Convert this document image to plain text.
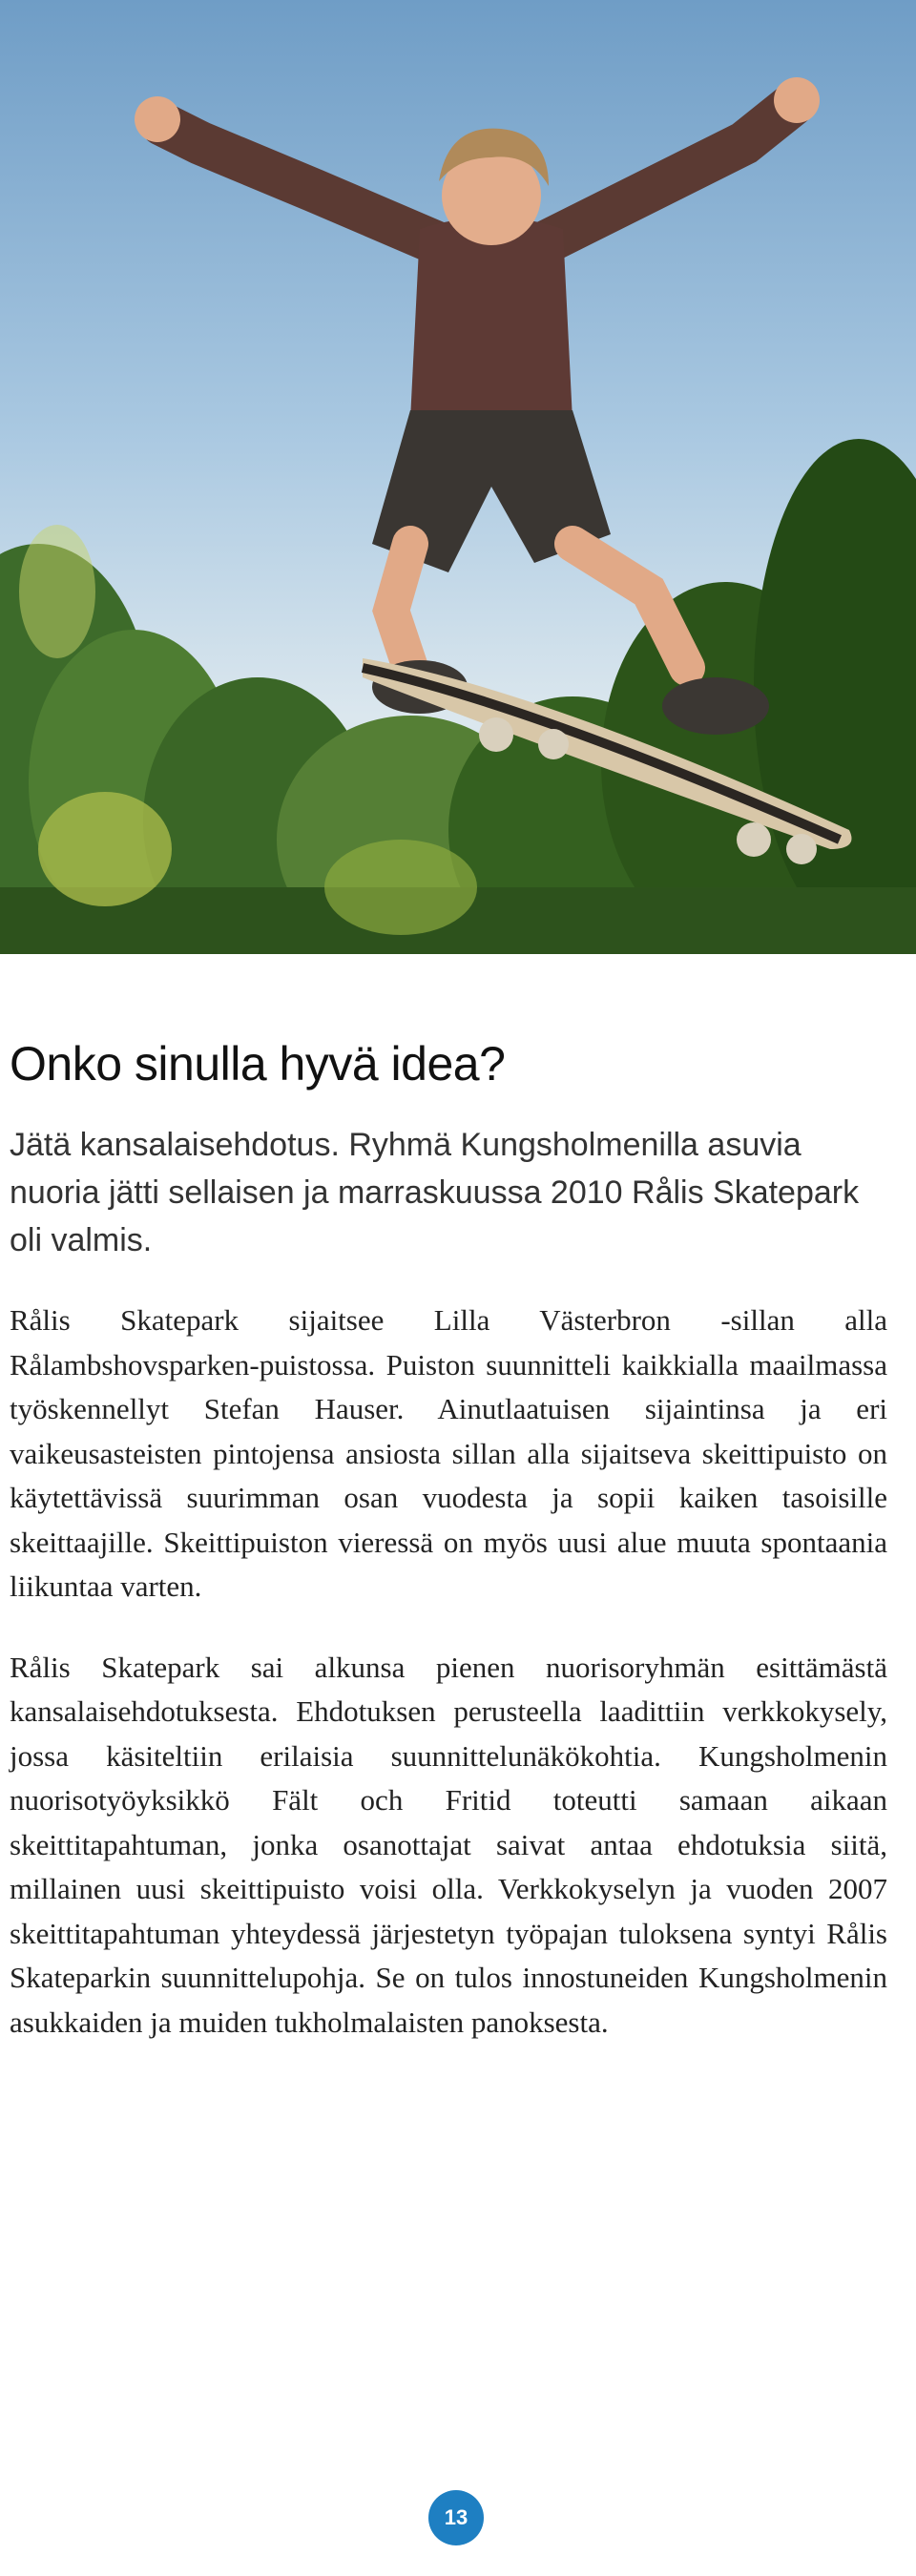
Onko sinulla hyvä idea?

Jätä kansalaisehdotus. Ryhmä Kungsholmenilla asuvia nuoria jätti sellaisen ja marraskuussa 2010 Rålis Skatepark oli valmis.

Rålis Skatepark sijaitsee Lilla Västerbron -sillan alla Rålambshovsparken-puistossa. Puiston suunnitteli kaikkialla maailmassa työskennellyt Stefan Hauser. Ainutlaatuisen sijaintinsa ja eri vaikeusasteisten pintojensa ansiosta sillan alla sijaitseva skeittipuisto on käytettävissä suurimman osan vuodesta ja sopii kaiken tasoisille skeittaajille. Skeittipuiston vieressä on myös uusi alue muuta spontaania liikuntaa varten.

Rålis Skatepark sai alkunsa pienen nuorisoryhmän esittämästä kansalaisehdotuksesta. Ehdotuksen perusteella laadittiin verkkokysely, jossa käsiteltiin erilaisia suunnittelunäkökohtia. Kungsholmenin nuorisotyöyksikkö Fält och Fritid toteutti samaan aikaan skeittitapahtuman, jonka osanottajat saivat antaa ehdotuksia siitä, millainen uusi skeittipuisto voisi olla. Verkkokyselyn ja vuoden 2007 skeittitapahtuman yhteydessä järjestetyn työpajan tuloksena syntyi Rålis Skateparkin suunnittelupohja. Se on tulos innostuneiden Kungsholmenin asukkaiden ja muiden tukholmalaisten panoksesta.

13
